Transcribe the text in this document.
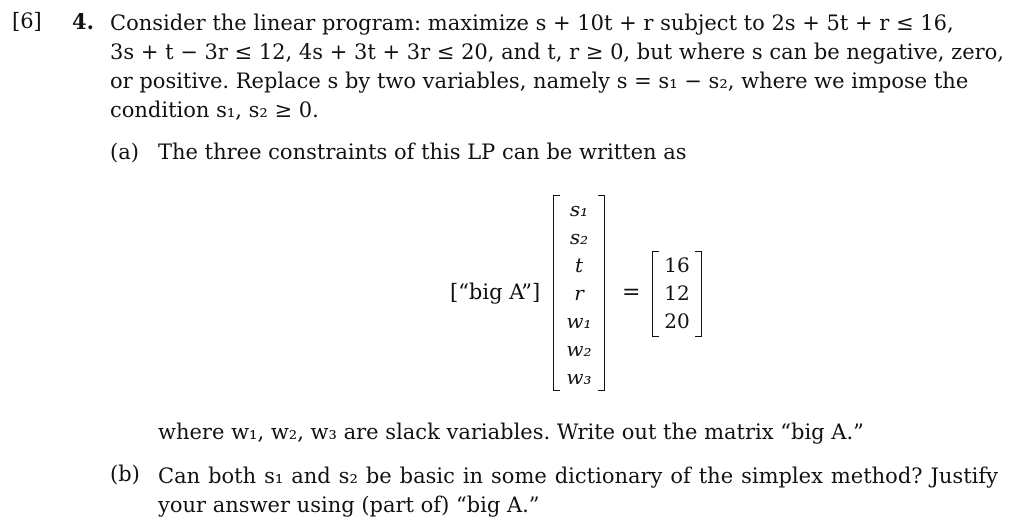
[6] 4. Consider the linear program: maximize s + 10t + r subject to 2s + 5t + r ≤ 16,
3s + t − 3r ≤ 12, 4s + 3t + 3r ≤ 20, and t, r ≥ 0, but where s can be negative, zero,
or positive. Replace s by two variables, namely s = s₁ − s₂, where we impose the
condition s₁, s₂ ≥ 0.
(a) The three constraints of this LP can be written as
[“big A”]
s₁
s₂
t
r
w₁
w₂
w₃
=
16
12
20
where w₁, w₂, w₃ are slack variables. Write out the matrix “big A.”
(b) Can both s₁ and s₂ be basic in some dictionary of the simplex method? Justify
your answer using (part of) “big A.”
